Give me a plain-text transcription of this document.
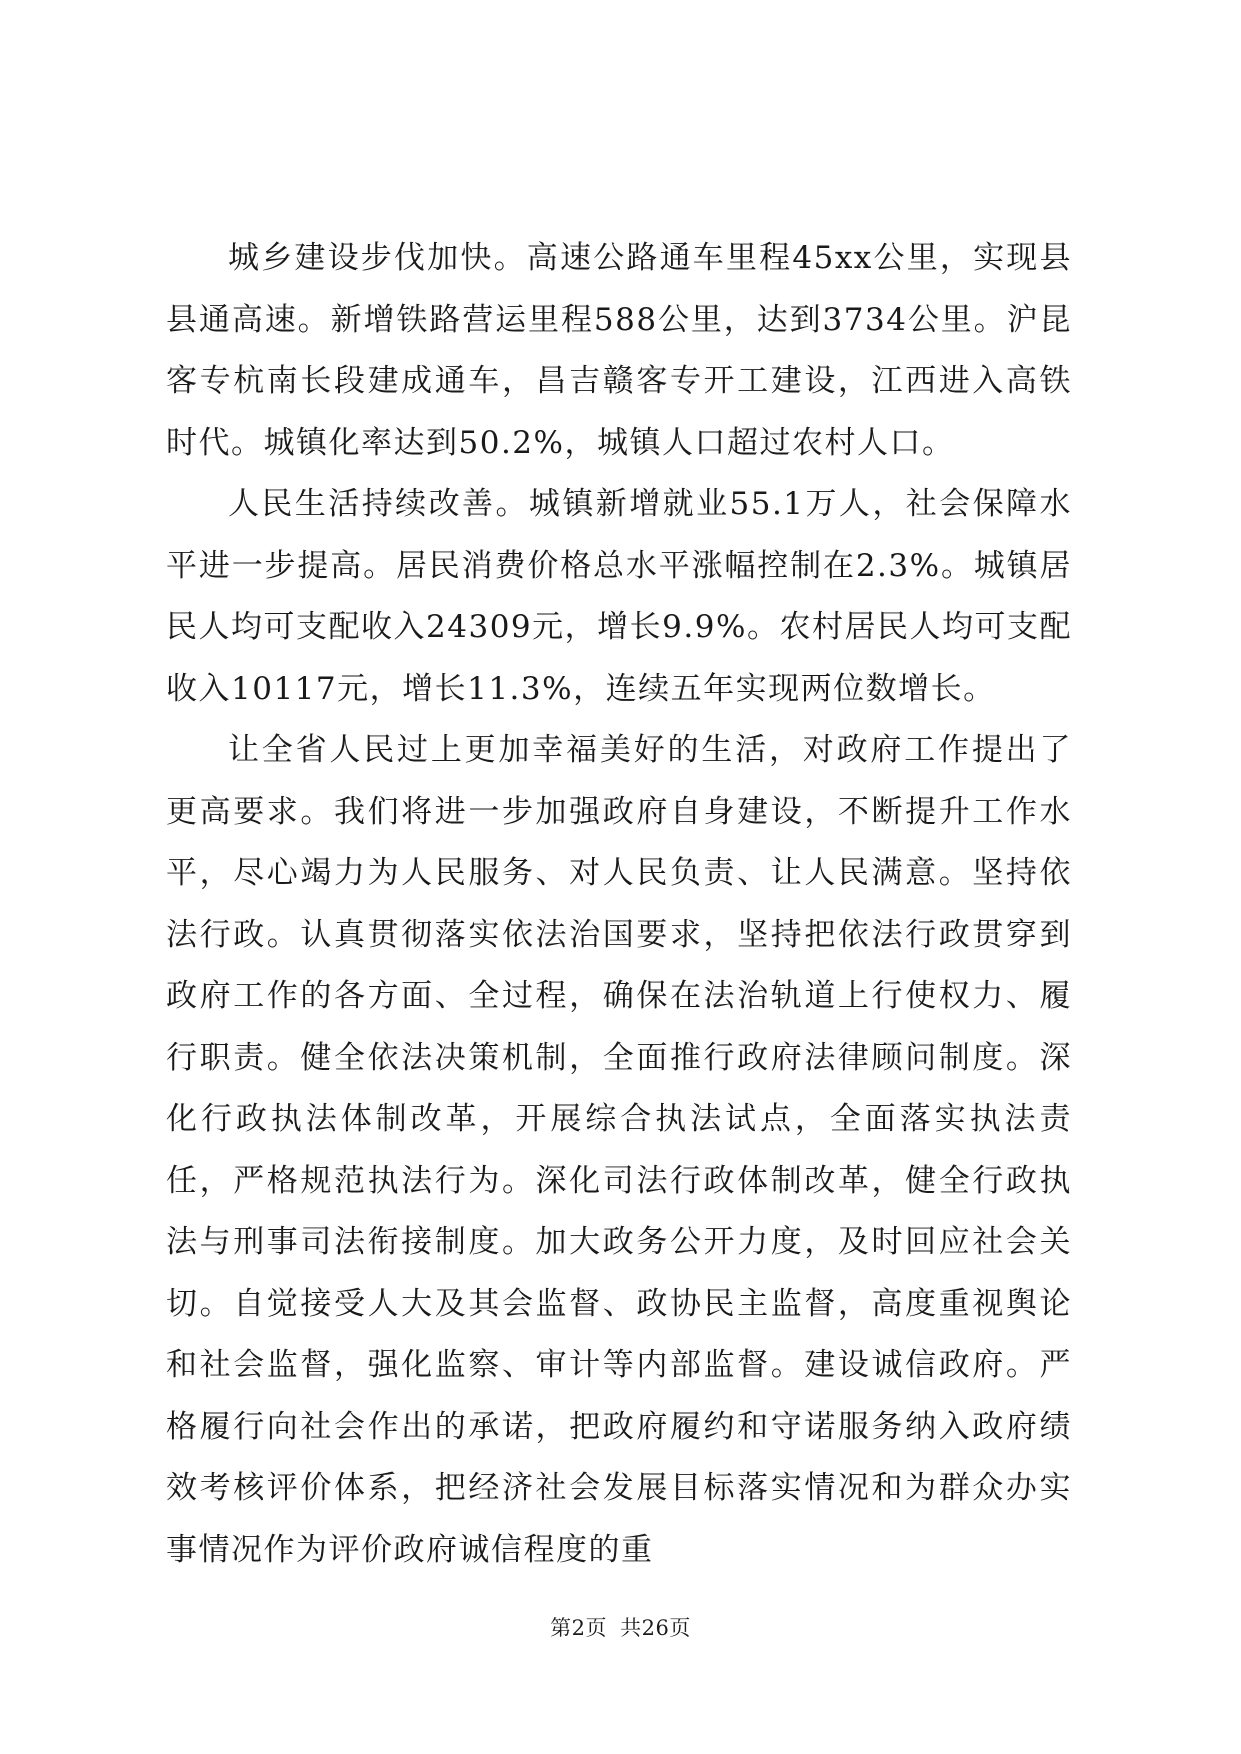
城乡建设步伐加快。高速公路通车里程45xx公里，实现县县通高速。新增铁路营运里程588公里，达到3734公里。沪昆客专杭南长段建成通车，昌吉赣客专开工建设，江西进入高铁时代。城镇化率达到50.2%，城镇人口超过农村人口。

人民生活持续改善。城镇新增就业55.1万人，社会保障水平进一步提高。居民消费价格总水平涨幅控制在2.3%。城镇居民人均可支配收入24309元，增长9.9%。农村居民人均可支配收入10117元，增长11.3%，连续五年实现两位数增长。

让全省人民过上更加幸福美好的生活，对政府工作提出了更高要求。我们将进一步加强政府自身建设，不断提升工作水平，尽心竭力为人民服务、对人民负责、让人民满意。坚持依法行政。认真贯彻落实依法治国要求，坚持把依法行政贯穿到政府工作的各方面、全过程，确保在法治轨道上行使权力、履行职责。健全依法决策机制，全面推行政府法律顾问制度。深化行政执法体制改革，开展综合执法试点，全面落实执法责任，严格规范执法行为。深化司法行政体制改革，健全行政执法与刑事司法衔接制度。加大政务公开力度，及时回应社会关切。自觉接受人大及其会监督、政协民主监督，高度重视舆论和社会监督，强化监察、审计等内部监督。建设诚信政府。严格履行向社会作出的承诺，把政府履约和守诺服务纳入政府绩效考核评价体系，把经济社会发展目标落实情况和为群众办实事情况作为评价政府诚信程度的重

第2页 共26页
